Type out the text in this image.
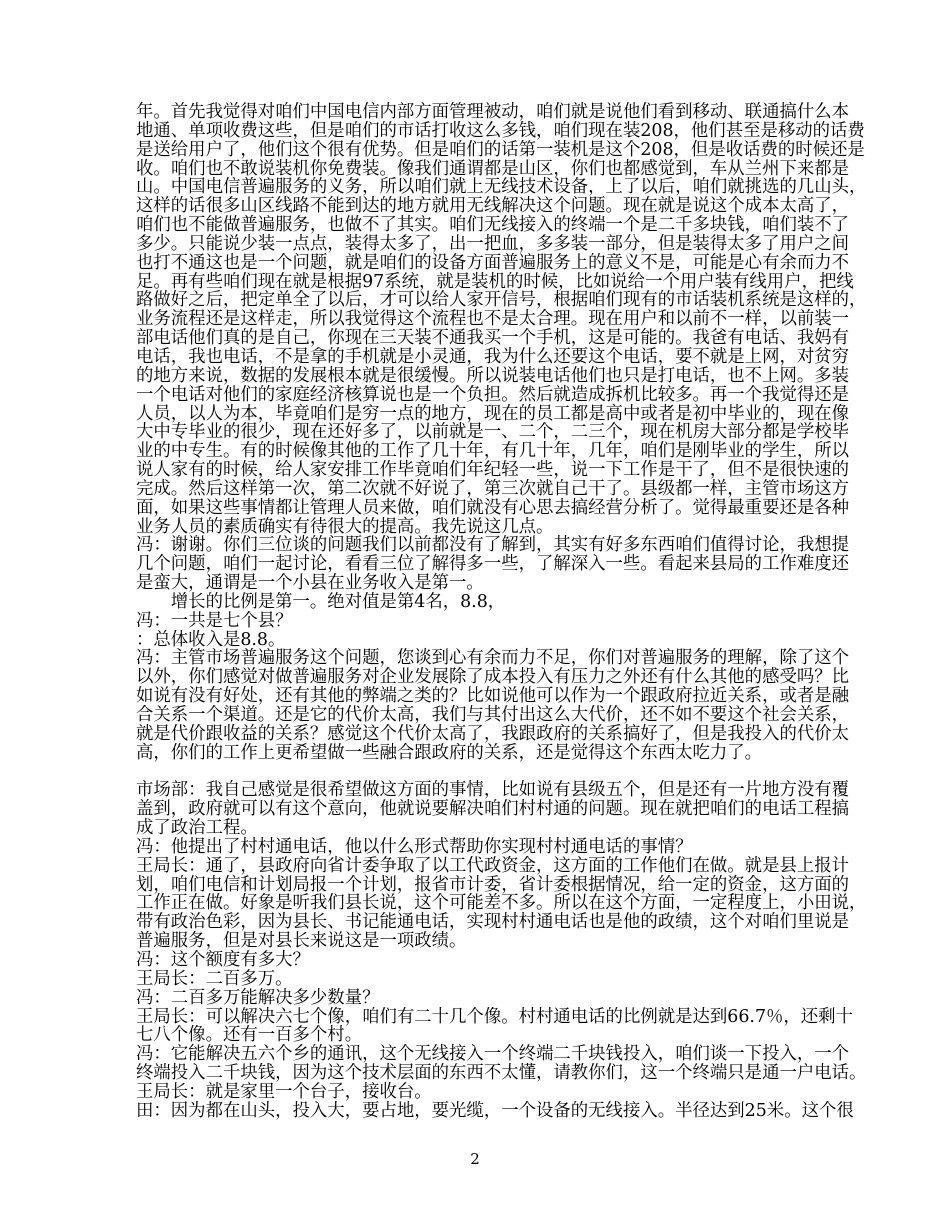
年。首先我觉得对咱们中国电信内部方面管理被动，咱们就是说他们看到移动、联通搞什么本
地通、单项收费这些，但是咱们的市话打收这么多钱，咱们现在装208，他们甚至是移动的话费
是送给用户了，他们这个很有优势。但是咱们的话第一装机是这个208，但是收话费的时候还是
收。咱们也不敢说装机你免费装。像我们通谓都是山区，你们也都感觉到，车从兰州下来都是
山。中国电信普遍服务的义务，所以咱们就上无线技术设备，上了以后，咱们就挑选的几山头，
这样的话很多山区线路不能到达的地方就用无线解决这个问题。现在就是说这个成本太高了，
咱们也不能做普遍服务，也做不了其实。咱们无线接入的终端一个是二千多块钱，咱们装不了
多少。只能说少装一点点，装得太多了，出一把血，多多装一部分，但是装得太多了用户之间
也打不通这也是一个问题，就是咱们的设备方面普遍服务上的意义不是，可能是心有余而力不
足。再有些咱们现在就是根据97系统，就是装机的时候，比如说给一个用户装有线用户，把线
路做好之后，把定单全了以后，才可以给人家开信号，根据咱们现有的市话装机系统是这样的，
业务流程还是这样走，所以我觉得这个流程也不是太合理。现在用户和以前不一样，以前装一
部电话他们真的是自己，你现在三天装不通我买一个手机，这是可能的。我爸有电话、我妈有
电话，我也电话，不是拿的手机就是小灵通，我为什么还要这个电话，要不就是上网，对贫穷
的地方来说，数据的发展根本就是很缓慢。所以说装电话他们也只是打电话，也不上网。多装
一个电话对他们的家庭经济核算说也是一个负担。然后就造成拆机比较多。再一个我觉得还是
人员，以人为本，毕竟咱们是穷一点的地方，现在的员工都是高中或者是初中毕业的，现在像
大中专毕业的很少，现在还好多了，以前就是一、二个，二三个，现在机房大部分都是学校毕
业的中专生。有的时候像其他的工作了几十年，有几十年，几年，咱们是刚毕业的学生，所以
说人家有的时候，给人家安排工作毕竟咱们年纪轻一些，说一下工作是干了，但不是很快速的
完成。然后这样第一次，第二次就不好说了，第三次就自己干了。县级都一样，主管市场这方
面，如果这些事情都让管理人员来做，咱们就没有心思去搞经营分析了。觉得最重要还是各种
业务人员的素质确实有待很大的提高。我先说这几点。
冯：谢谢。你们三位谈的问题我们以前都没有了解到，其实有好多东西咱们值得讨论，我想提
几个问题，咱们一起讨论，看看三位了解得多一些，了解深入一些。看起来县局的工作难度还
是蛮大，通谓是一个小县在业务收入是第一。
　　增长的比例是第一。绝对值是第4名，8.8，
冯：一共是七个县？
：总体收入是8.8。
冯：主管市场普遍服务这个问题，您谈到心有余而力不足，你们对普遍服务的理解，除了这个
以外，你们感觉对做普遍服务对企业发展除了成本投入有压力之外还有什么其他的感受吗？比
如说有没有好处，还有其他的弊端之类的？比如说他可以作为一个跟政府拉近关系，或者是融
合关系一个渠道。还是它的代价太高，我们与其付出这么大代价，还不如不要这个社会关系，
就是代价跟收益的关系？感觉这个代价太高了，我跟政府的关系搞好了，但是我投入的代价太
高，你们的工作上更希望做一些融合跟政府的关系，还是觉得这个东西太吃力了。

市场部：我自己感觉是很希望做这方面的事情，比如说有县级五个，但是还有一片地方没有覆
盖到，政府就可以有这个意向，他就说要解决咱们村村通的问题。现在就把咱们的电话工程搞
成了政治工程。
冯：他提出了村村通电话，他以什么形式帮助你实现村村通电话的事情？
王局长：通了，县政府向省计委争取了以工代政资金，这方面的工作他们在做。就是县上报计
划，咱们电信和计划局报一个计划，报省市计委，省计委根据情况，给一定的资金，这方面的
工作正在做。好象是听我们县长说，这个可能差不多。所以在这个方面，一定程度上，小田说，
带有政治色彩，因为县长、书记能通电话，实现村村通电话也是他的政绩，这个对咱们里说是
普遍服务，但是对县长来说这是一项政绩。
冯：这个额度有多大？
王局长：二百多万。
冯：二百多万能解决多少数量？
王局长：可以解决六七个像，咱们有二十几个像。村村通电话的比例就是达到66.7％，还剩十
七八个像。还有一百多个村。
冯：它能解决五六个乡的通讯，这个无线接入一个终端二千块钱投入，咱们谈一下投入，一个
终端投入二千块钱，因为这个技术层面的东西不太懂，请教你们，这一个终端只是通一户电话。
王局长：就是家里一个台子，接收台。
田：因为都在山头，投入大，要占地，要光缆，一个设备的无线接入。半径达到25米。这个很
2
